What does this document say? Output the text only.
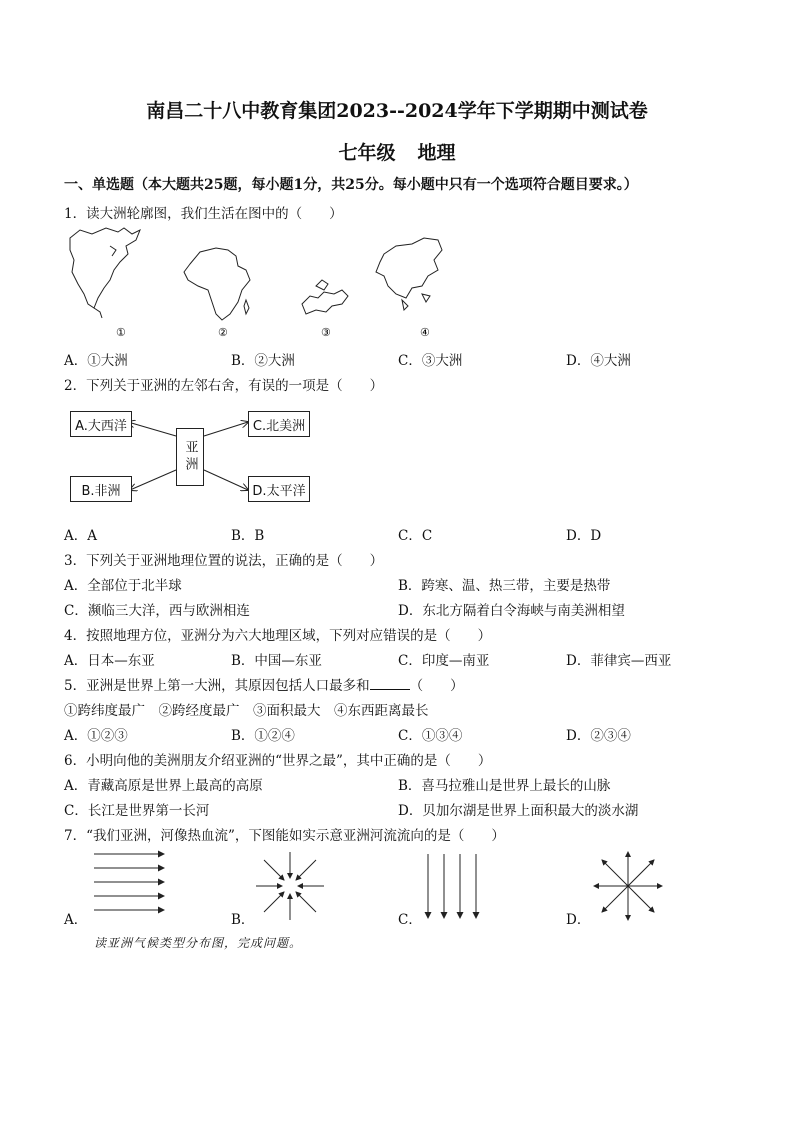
南昌二十八中教育集团2023--2024学年下学期期中测试卷
七年级 地理
一、单选题（本大题共25题，每小题1分，共25分。每小题中只有一个选项符合题目要求。）
1．读大洲轮廓图，我们生活在图中的（　　）
①	②	③	④
A．①大洲	B．②大洲	C．③大洲	D．④大洲
2．下列关于亚洲的左邻右舍，有误的一项是（　　）
A.大西洋
B.非洲
C.北美洲
D.太平洋
亚洲
A．A	B．B	C．C	D．D
3．下列关于亚洲地理位置的说法，正确的是（　　）
A．全部位于北半球	B．跨寒、温、热三带，主要是热带
C．濒临三大洋，西与欧洲相连	D．东北方隔着白令海峡与南美洲相望
4．按照地理方位，亚洲分为六大地理区域，下列对应错误的是（　　）
A．日本—东亚	B．中国—东亚	C．印度—南亚	D．菲律宾—西亚
5．亚洲是世界上第一大洲，其原因包括人口最多和	（　　）
①跨纬度最广　②跨经度最广　③面积最大　④东西距离最长
A．①②③	B．①②④	C．①③④	D．②③④
6．小明向他的美洲朋友介绍亚洲的“世界之最”，其中正确的是（　　）
A．青藏高原是世界上最高的高原	B．喜马拉雅山是世界上最长的山脉
C．长江是世界第一长河	D．贝加尔湖是世界上面积最大的淡水湖
7．“我们亚洲，河像热血流”，下图能如实示意亚洲河流流向的是（　　）
A．	B．	C．	D．
读亚洲气候类型分布图，完成问题。
